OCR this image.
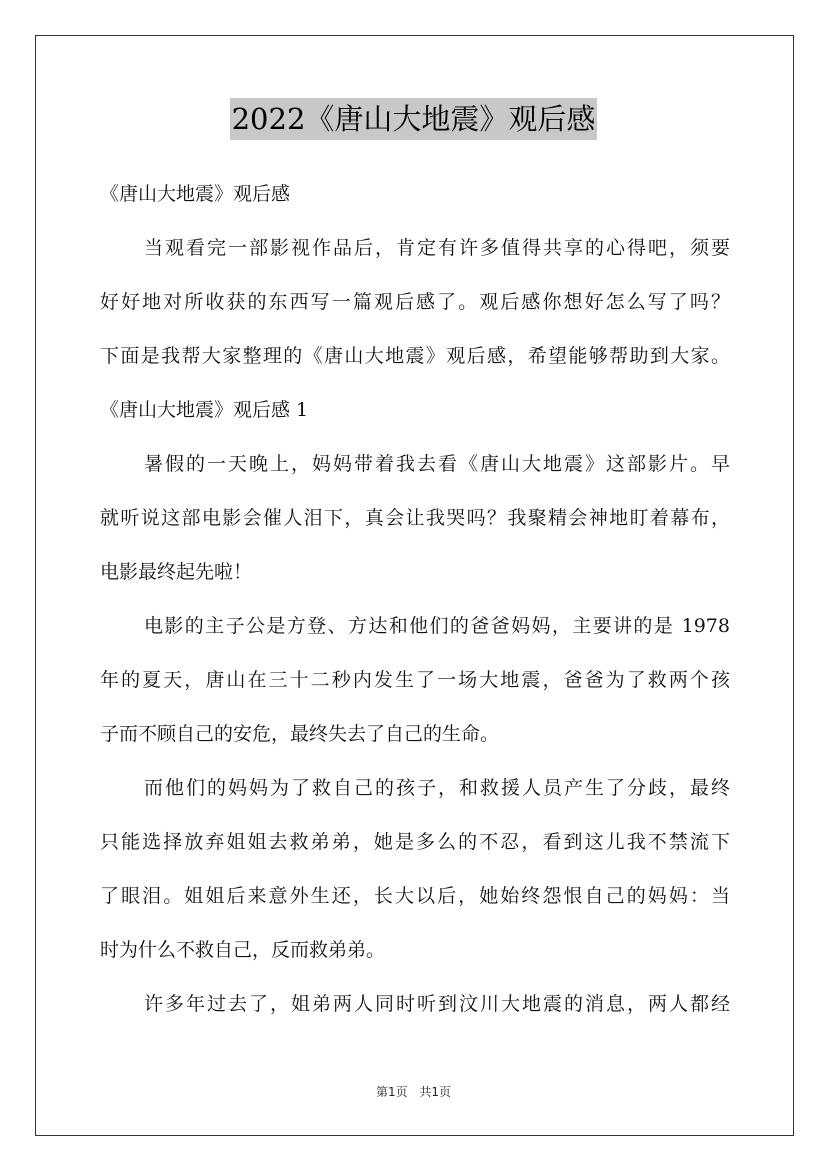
2022《唐山大地震》观后感
《唐山大地震》观后感
当观看完一部影视作品后，肯定有许多值得共享的心得吧，须要
好好地对所收获的东西写一篇观后感了。观后感你想好怎么写了吗？
下面是我帮大家整理的《唐山大地震》观后感，希望能够帮助到大家。
《唐山大地震》观后感 1
暑假的一天晚上，妈妈带着我去看《唐山大地震》这部影片。早
就听说这部电影会催人泪下，真会让我哭吗？我聚精会神地盯着幕布，
电影最终起先啦！
电影的主子公是方登、方达和他们的爸爸妈妈，主要讲的是 1978
年的夏天，唐山在三十二秒内发生了一场大地震，爸爸为了救两个孩
子而不顾自己的安危，最终失去了自己的生命。
而他们的妈妈为了救自己的孩子，和救援人员产生了分歧，最终
只能选择放弃姐姐去救弟弟，她是多么的不忍，看到这儿我不禁流下
了眼泪。姐姐后来意外生还，长大以后，她始终怨恨自己的妈妈：当
时为什么不救自己，反而救弟弟。
许多年过去了，姐弟两人同时听到汶川大地震的消息，两人都经
第1页 共1页
